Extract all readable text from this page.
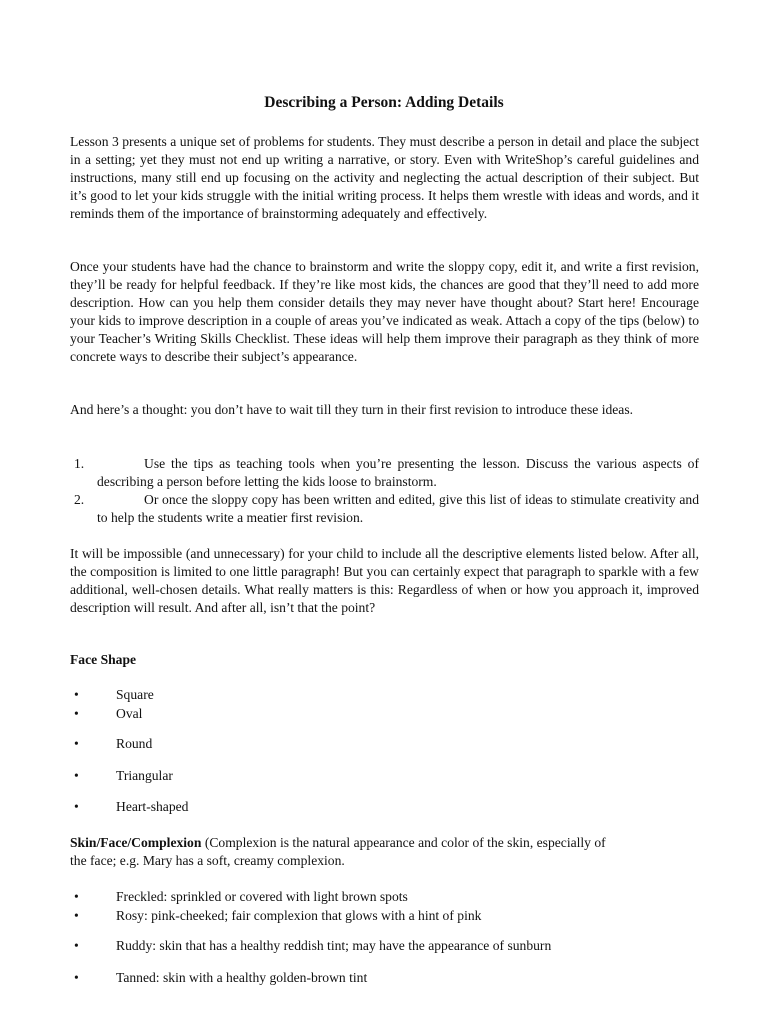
Describing a Person: Adding Details
Lesson 3 presents a unique set of problems for students. They must describe a person in detail and place the subject in a setting; yet they must not end up writing a narrative, or story. Even with WriteShop’s careful guidelines and instructions, many still end up focusing on the activity and neglecting the actual description of their subject. But it’s good to let your kids struggle with the initial writing process. It helps them wrestle with ideas and words, and it reminds them of the importance of brainstorming adequately and effectively.
Once your students have had the chance to brainstorm and write the sloppy copy, edit it, and write a first revision, they’ll be ready for helpful feedback. If they’re like most kids, the chances are good that they’ll need to add more description. How can you help them consider details they may never have thought about? Start here! Encourage your kids to improve description in a couple of areas you’ve indicated as weak. Attach a copy of the tips (below) to your Teacher’s Writing Skills Checklist. These ideas will help them improve their paragraph as they think of more concrete ways to describe their subject’s appearance.
And here’s a thought: you don’t have to wait till they turn in their first revision to introduce these ideas.
1.	Use the tips as teaching tools when you’re presenting the lesson. Discuss the various aspects of describing a person before letting the kids loose to brainstorm.
2.	Or once the sloppy copy has been written and edited, give this list of ideas to stimulate creativity and to help the students write a meatier first revision.
It will be impossible (and unnecessary) for your child to include all the descriptive elements listed below. After all, the composition is limited to one little paragraph! But you can certainly expect that paragraph to sparkle with a few additional, well-chosen details. What really matters is this: Regardless of when or how you approach it, improved description will result. And after all, isn’t that the point?
Face Shape
•	Square
•	Oval
•	Round
•	Triangular
•	Heart-shaped
Skin/Face/Complexion (Complexion is the natural appearance and color of the skin, especially of
the face; e.g. Mary has a soft, creamy complexion.
•	Freckled: sprinkled or covered with light brown spots
•	Rosy: pink-cheeked; fair complexion that glows with a hint of pink
•	Ruddy: skin that has a healthy reddish tint; may have the appearance of sunburn
•	Tanned: skin with a healthy golden-brown tint
